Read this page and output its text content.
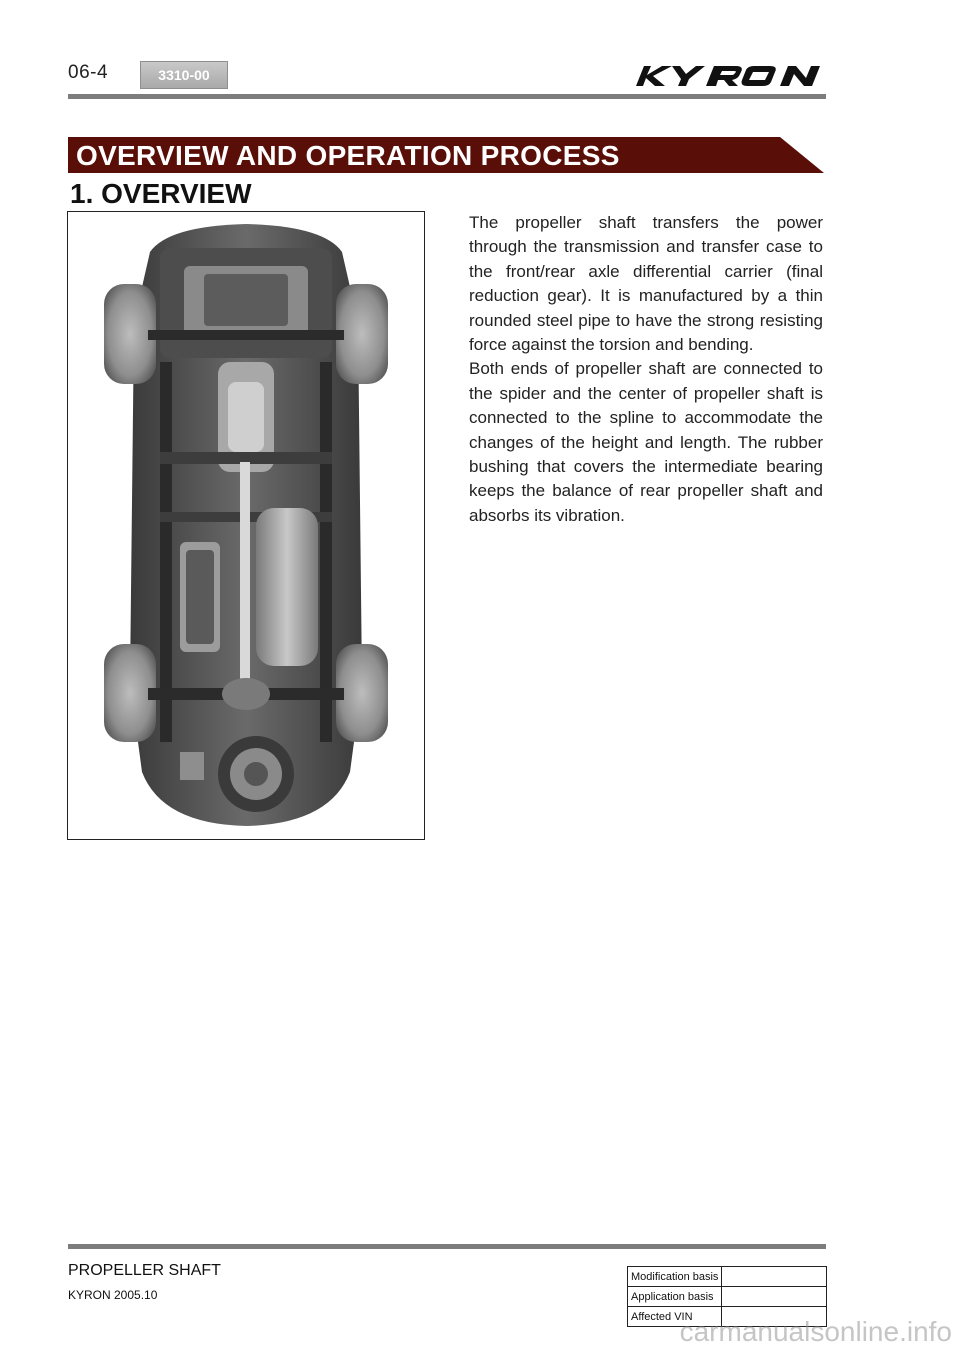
06-4	3310-00
OVERVIEW AND OPERATION PROCESS
1. OVERVIEW

The propeller shaft transfers the power through the transmission and transfer case to the front/rear axle differential carrier (final reduction gear). It is manufactured by a thin rounded steel pipe to have the strong resisting force against the torsion and bending.

Both ends of propeller shaft are connected to the spider and the center of propeller shaft is connected to the spline to accommodate the changes of the height and length. The rubber bushing that covers the intermediate bearing keeps the balance of rear propeller shaft and absorbs its vibration.

PROPELLER SHAFT
KYRON 2005.10
Modification basis	
Application basis	
Affected VIN	
carmanualsonline.info
